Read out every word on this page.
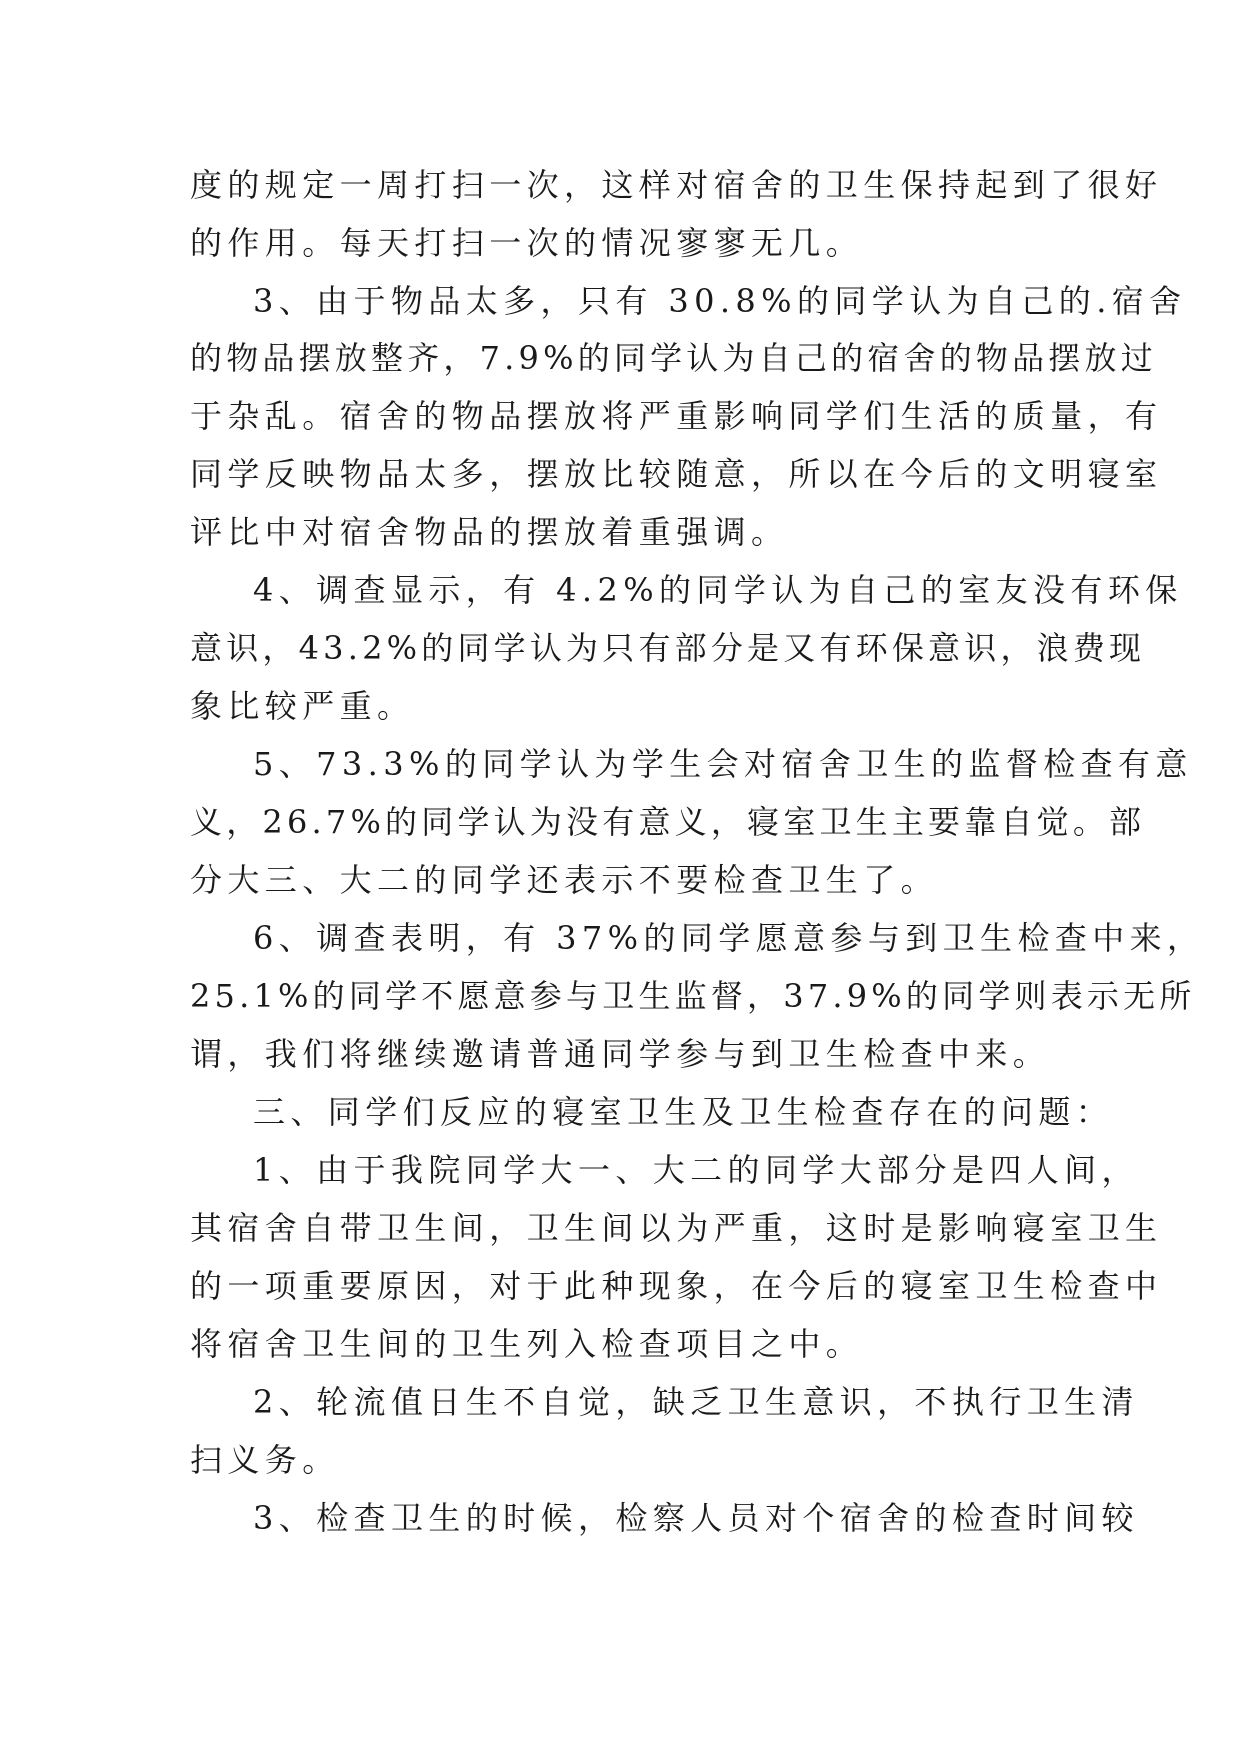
度的规定一周打扫一次，这样对宿舍的卫生保持起到了很好
的作用。每天打扫一次的情况寥寥无几。
3、由于物品太多，只有 30.8%的同学认为自己的.宿舍
的物品摆放整齐，7.9%的同学认为自己的宿舍的物品摆放过
于杂乱。宿舍的物品摆放将严重影响同学们生活的质量，有
同学反映物品太多，摆放比较随意，所以在今后的文明寝室
评比中对宿舍物品的摆放着重强调。
4、调查显示，有 4.2%的同学认为自己的室友没有环保
意识，43.2%的同学认为只有部分是又有环保意识，浪费现
象比较严重。
5、73.3%的同学认为学生会对宿舍卫生的监督检查有意
义，26.7%的同学认为没有意义，寝室卫生主要靠自觉。部
分大三、大二的同学还表示不要检查卫生了。
6、调查表明，有 37%的同学愿意参与到卫生检查中来，
25.1%的同学不愿意参与卫生监督，37.9%的同学则表示无所
谓，我们将继续邀请普通同学参与到卫生检查中来。
三、同学们反应的寝室卫生及卫生检查存在的问题：
1、由于我院同学大一、大二的同学大部分是四人间，
其宿舍自带卫生间，卫生间以为严重，这时是影响寝室卫生
的一项重要原因，对于此种现象，在今后的寝室卫生检查中
将宿舍卫生间的卫生列入检查项目之中。
2、轮流值日生不自觉，缺乏卫生意识，不执行卫生清
扫义务。
3、检查卫生的时候，检察人员对个宿舍的检查时间较
